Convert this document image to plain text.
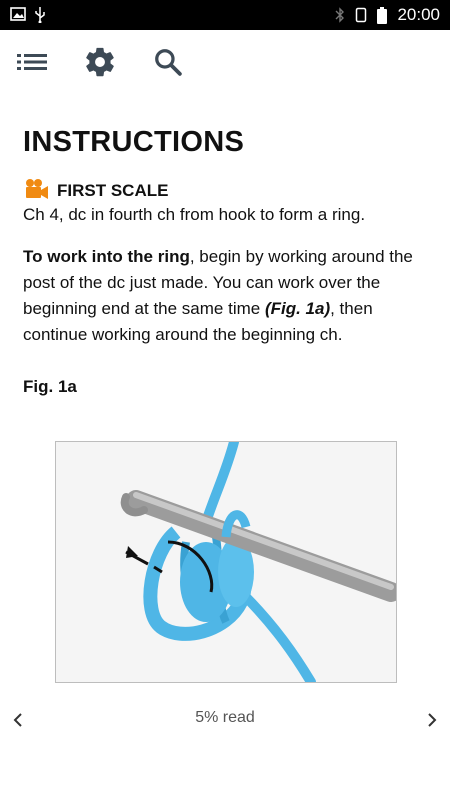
20:00
INSTRUCTIONS
FIRST SCALE

Ch 4, dc in fourth ch from hook to form a ring.

To work into the ring, begin by working around the post of the dc just made. You can work over the beginning end at the same time (Fig. 1a), then continue working around the beginning ch.

Fig. 1a
5% read
